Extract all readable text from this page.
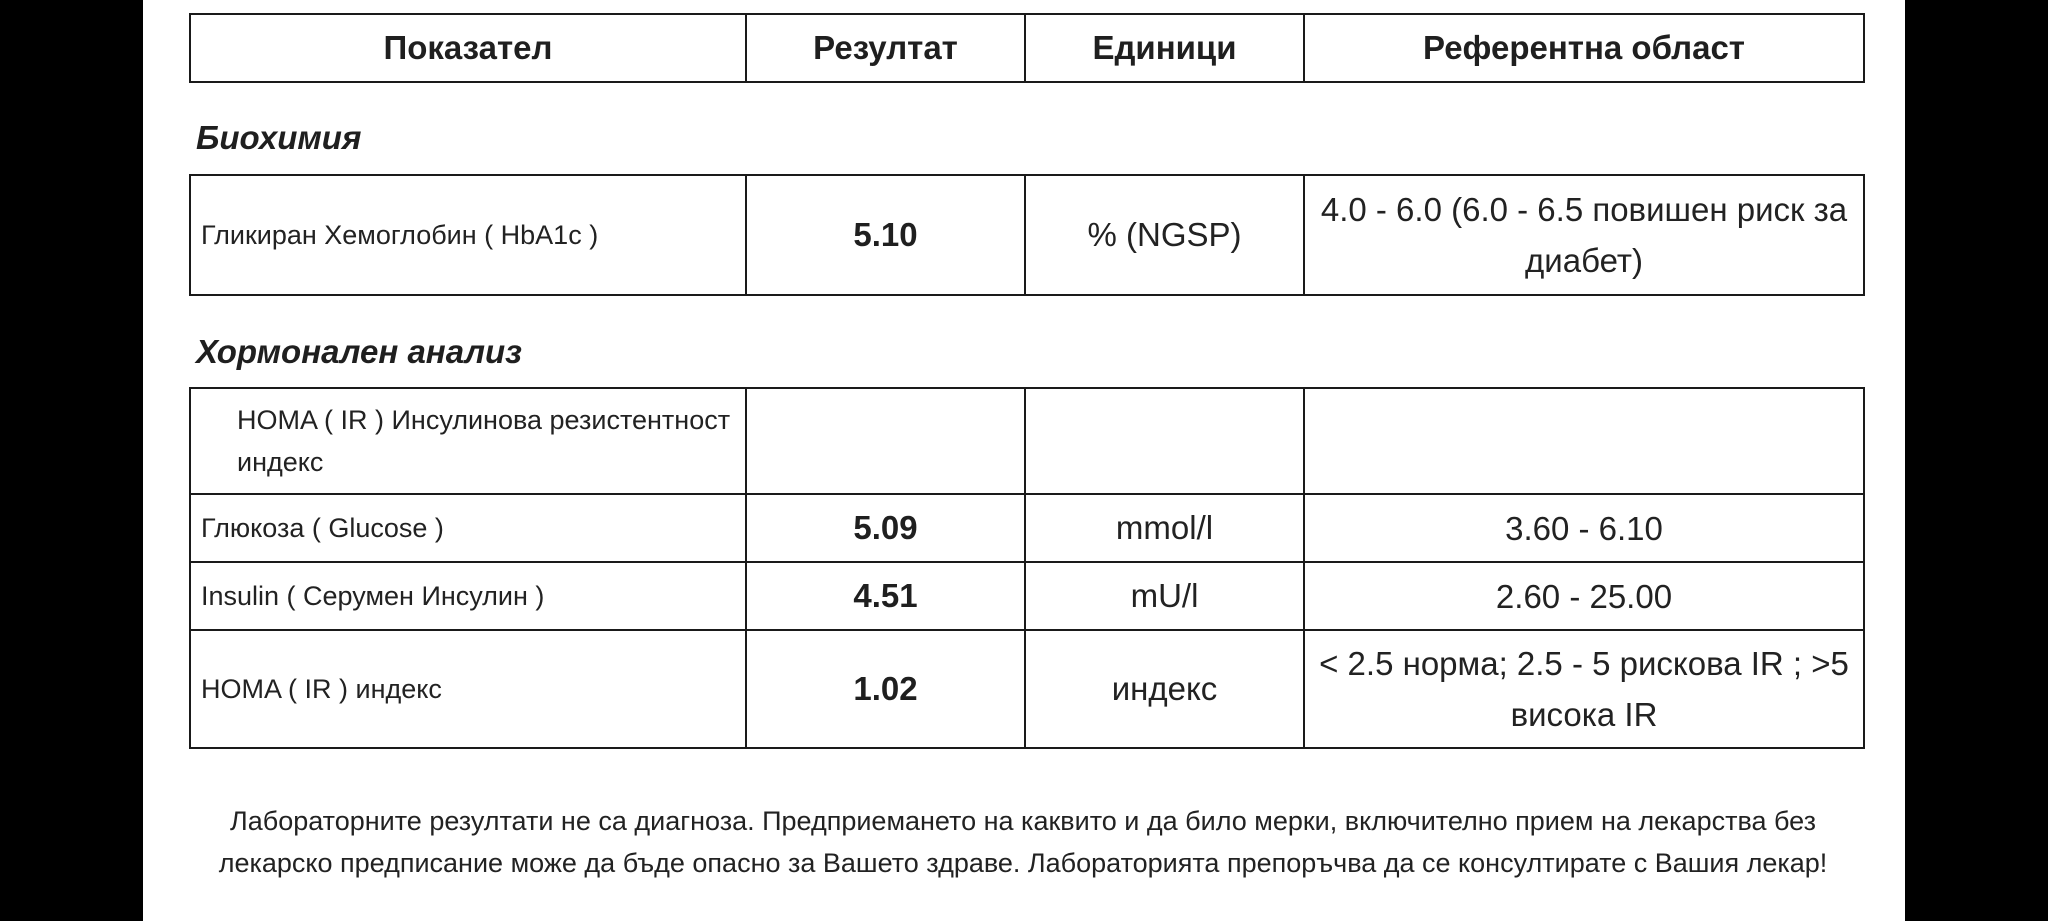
Показател	Резултат	Единици	Референтна област
Биохимия
Гликиран Хемоглобин ( HbA1c )	5.10	% (NGSP)	4.0 - 6.0 (6.0 - 6.5 повишен риск за диабет)
Хормонален анализ
HOMA ( IR ) Инсулинова резистентност индекс			
Глюкоза ( Glucose )	5.09	mmol/l	3.60 - 6.10
Insulin ( Серумен Инсулин )	4.51	mU/l	2.60 - 25.00
HOMA ( IR ) индекс	1.02	индекс	< 2.5 норма; 2.5 - 5 рискова IR ; >5 висока IR

Лабораторните резултати не са диагноза. Предприемането на каквито и да било мерки, включително прием на лекарства без лекарско предписание може да бъде опасно за Вашето здраве. Лабораторията препоръчва да се консултирате с Вашия лекар!
